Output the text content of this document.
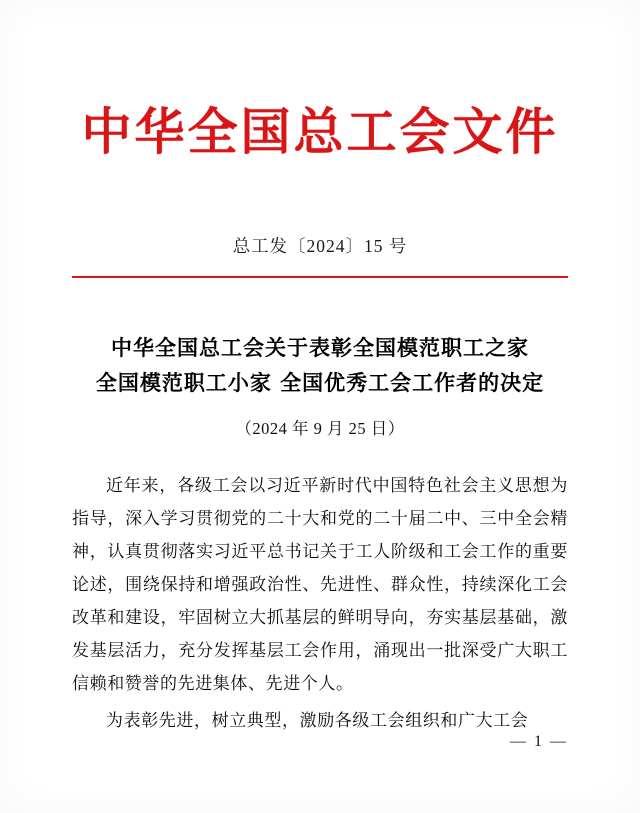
中华全国总工会文件
总工发〔2024〕15 号
中华全国总工会关于表彰全国模范职工之家
全国模范职工小家 全国优秀工会工作者的决定
（2024 年 9 月 25 日）

近年来，各级工会以习近平新时代中国特色社会主义思想为指导，深入学习贯彻党的二十大和党的二十届二中、三中全会精神，认真贯彻落实习近平总书记关于工人阶级和工会工作的重要论述，围绕保持和增强政治性、先进性、群众性，持续深化工会改革和建设，牢固树立大抓基层的鲜明导向，夯实基层基础，激发基层活力，充分发挥基层工会作用，涌现出一批深受广大职工信赖和赞誉的先进集体、先进个人。

为表彰先进，树立典型，激励各级工会组织和广大工会

— 1 —
